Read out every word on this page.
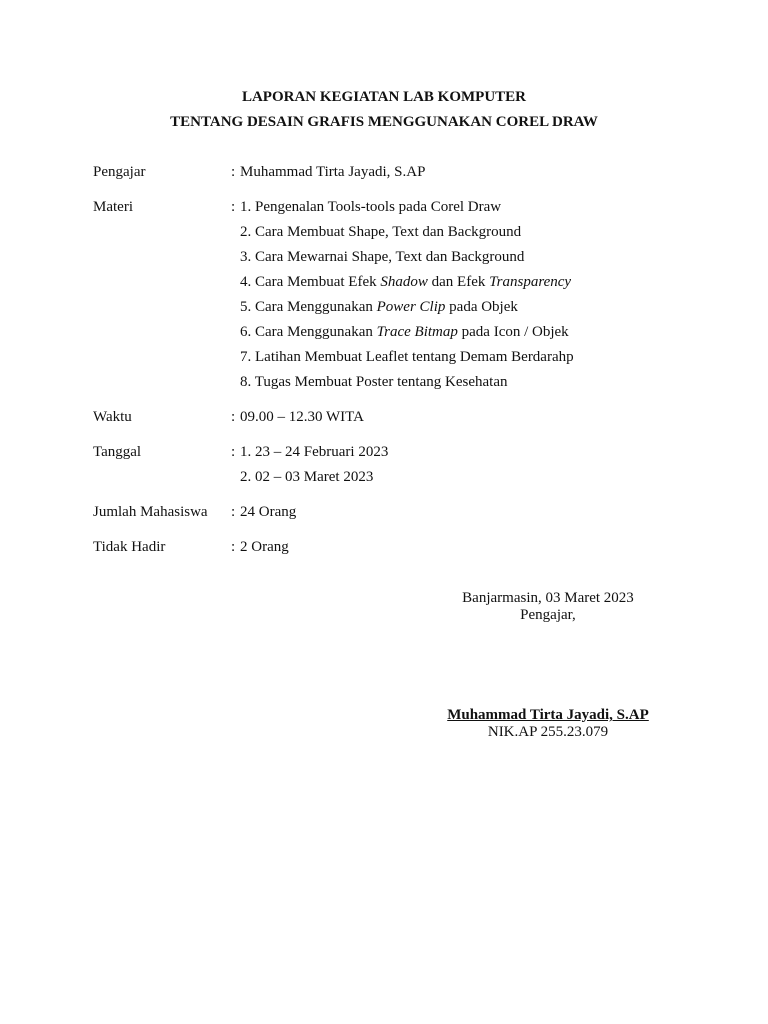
LAPORAN KEGIATAN LAB KOMPUTER
TENTANG DESAIN GRAFIS MENGGUNAKAN COREL DRAW
Pengajar	: Muhammad Tirta Jayadi, S.AP
Materi	: 1. Pengenalan Tools-tools pada Corel Draw
2. Cara Membuat Shape, Text dan Background
3. Cara Mewarnai Shape, Text dan Background
4. Cara Membuat Efek Shadow dan Efek Transparency
5. Cara Menggunakan Power Clip pada Objek
6. Cara Menggunakan Trace Bitmap pada Icon / Objek
7. Latihan Membuat Leaflet tentang Demam Berdarahp
8. Tugas Membuat Poster tentang Kesehatan
Waktu	: 09.00 – 12.30 WITA
Tanggal	: 1. 23 – 24 Februari 2023
2. 02 – 03 Maret 2023
Jumlah Mahasiswa : 24 Orang
Tidak Hadir	: 2 Orang
Banjarmasin, 03 Maret 2023
Pengajar,
Muhammad Tirta Jayadi, S.AP
NIK.AP 255.23.079
